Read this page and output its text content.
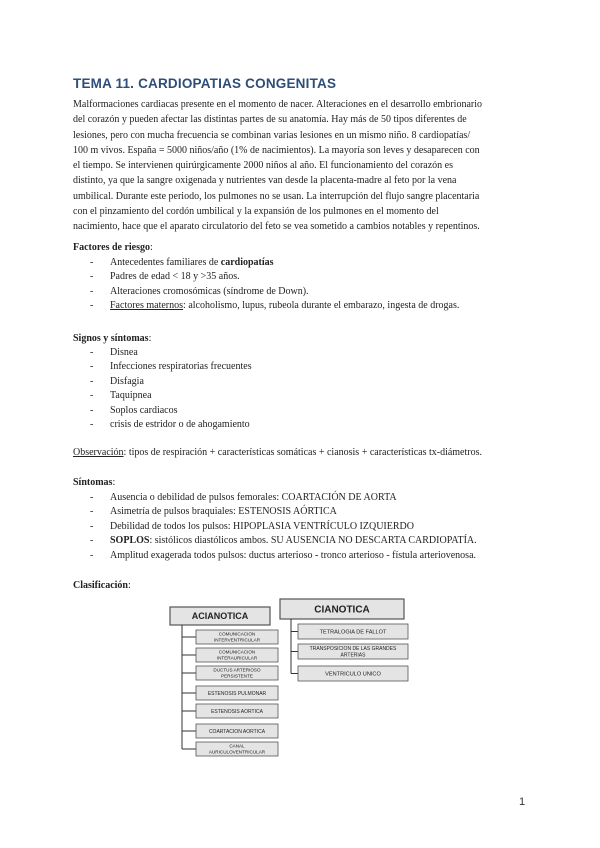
TEMA 11. CARDIOPATIAS CONGENITAS
Malformaciones cardiacas presente en el momento de nacer. Alteraciones en el desarrollo embrionario
del corazón y pueden afectar las distintas partes de su anatomía. Hay más de 50 tipos diferentes de
lesiones, pero con mucha frecuencia se combinan varias lesiones en un mismo niño. 8 cardiopatías/
100 m vivos. España = 5000 niños/año (1% de nacimientos). La mayoría son leves y desaparecen con
el tiempo. Se intervienen quirúrgicamente 2000 niños al año. El funcionamiento del corazón es
distinto, ya que la sangre oxigenada y nutrientes van desde la placenta-madre al feto por la vena
umbilical. Durante este periodo, los pulmones no se usan. La interrupción del flujo sangre placentaria
con el pinzamiento del cordón umbilical y la expansión de los pulmones en el momento del
nacimiento, hace que el aparato circulatorio del feto se vea sometido a cambios notables y repentinos.
Factores de riesgo:
- Antecedentes familiares de cardiopatías
- Padres de edad < 18 y >35 años.
- Alteraciones cromosómicas (síndrome de Down).
- Factores maternos: alcoholismo, lupus, rubeola durante el embarazo, ingesta de drogas.
Signos y síntomas:
- Disnea
- Infecciones respiratorias frecuentes
- Disfagia
- Taquipnea
- Soplos cardiacos
- crisis de estridor o de ahogamiento
Observación: tipos de respiración + características somáticas + cianosis + características tx-diámetros.
Síntomas:
- Ausencia o debilidad de pulsos femorales: COARTACIÓN DE AORTA
- Asimetría de pulsos braquiales: ESTENOSIS AÓRTICA
- Debilidad de todos los pulsos: HIPOPLASIA VENTRÍCULO IZQUIERDO
- SOPLOS: sistólicos diastólicos ambos. SU AUSENCIA NO DESCARTA CARDIOPATÍA.
- Amplitud exagerada todos pulsos: ductus arterioso - tronco arterioso - fístula arteriovenosa.
Clasificación:
ACIANOTICA
CIANOTICA
COMUNICACION INTERVENTRICULAR
COMUNICACION INTERAURICULAR
DUCTUS ARTERIOSO PERSISTENTE
ESTENOSIS PULMONAR
ESTENOSIS AORTICA
COARTACION AORTICA
CANAL AURICULOVENTRICULAR
TETRALOGIA DE FALLOT
TRANSPOSICION DE LAS GRANDES ARTERIAS
VENTRICULO UNICO
1
